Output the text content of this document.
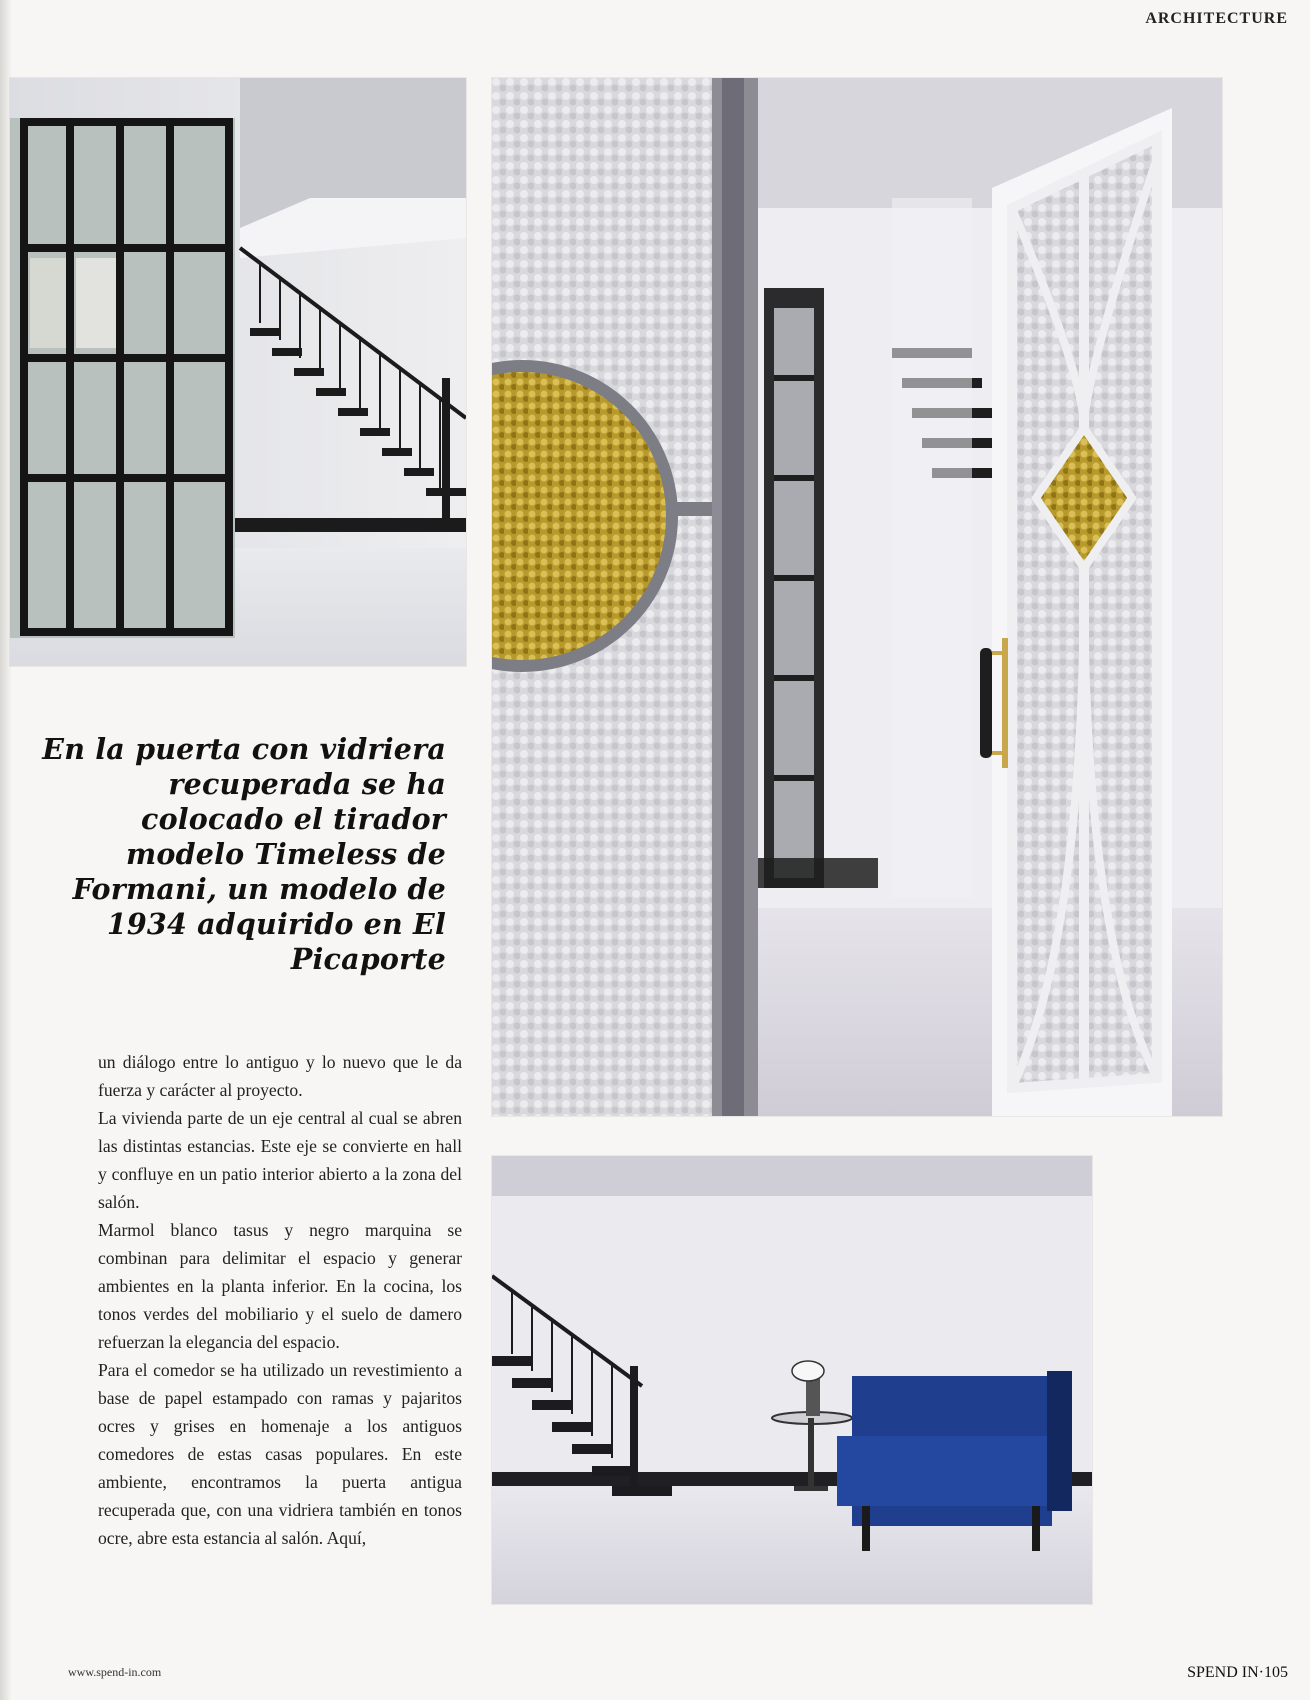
ARCHITECTURE
En la puerta con vidriera recuperada se ha colocado el tirador modelo Timeless de Formani, un modelo de 1934 adquirido en El Picaporte

un diálogo entre lo antiguo y lo nuevo que le da fuerza y carácter al proyecto.

La vivienda parte de un eje central al cual se abren las distintas estancias. Este eje se convierte en hall y confluye en un patio interior abierto a la zona del salón.

Marmol blanco tasus y negro marquina se combinan para delimitar el espacio y generar ambientes en la planta inferior. En la cocina, los tonos verdes del mobiliario y el suelo de damero refuerzan la elegancia del espacio.

Para el comedor se ha utilizado un revestimiento a base de papel estampado con ramas y pajaritos ocres y grises en homenaje a los antiguos comedores de estas casas populares. En este ambiente, encontramos la puerta antigua recuperada que, con una vidriera también en tonos ocre, abre esta estancia al salón. Aquí,

www.spend-in.com	SPEND IN·105
